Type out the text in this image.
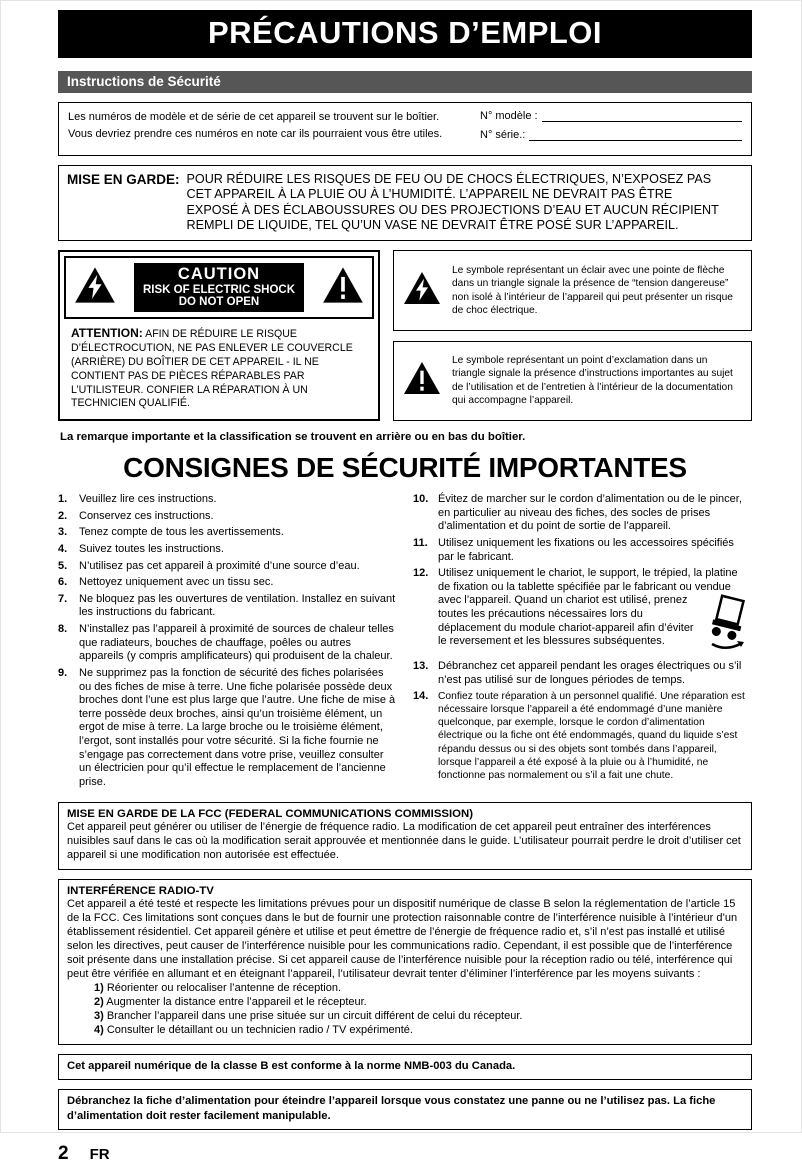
PRÉCAUTIONS D’EMPLOI
Instructions de Sécurité
Les numéros de modèle et de série de cet appareil se trouvent sur le boîtier.
Vous devriez prendre ces numéros en note car ils pourraient vous être utiles.
N° modèle :
N° série.:
MISE EN GARDE: POUR RÉDUIRE LES RISQUES DE FEU OU DE CHOCS ÉLECTRIQUES, N’EXPOSEZ PAS CET APPAREIL À LA PLUIE OU À L’HUMIDITÉ. L’APPAREIL NE DEVRAIT PAS ÊTRE EXPOSÉ À DES ÉCLABOUSSURES OU DES PROJECTIONS D’EAU ET AUCUN RÉCIPIENT REMPLI DE LIQUIDE, TEL QU’UN VASE NE DEVRAIT ÊTRE POSÉ SUR L’APPAREIL.
CAUTION
RISK OF ELECTRIC SHOCK
DO NOT OPEN
ATTENTION: AFIN DE RÉDUIRE LE RISQUE D’ÉLECTROCUTION, NE PAS ENLEVER LE COUVERCLE (ARRIÈRE) DU BOÎTIER DE CET APPAREIL - IL NE CONTIENT PAS DE PIÈCES RÉPARABLES PAR L’UTILISTEUR. CONFIER LA RÉPARATION À UN TECHNICIEN QUALIFIÉ.
Le symbole représentant un éclair avec une pointe de flèche dans un triangle signale la présence de “tension dangereuse” non isolé à l’intérieur de l’appareil qui peut présenter un risque de choc électrique.
Le symbole représentant un point d’exclamation dans un triangle signale la présence d’instructions importantes au sujet de l’utilisation et de l’entretien à l’intérieur de la documentation qui accompagne l’appareil.
La remarque importante et la classification se trouvent en arrière ou en bas du boîtier.
CONSIGNES DE SÉCURITÉ IMPORTANTES
1.	Veuillez lire ces instructions.
2.	Conservez ces instructions.
3.	Tenez compte de tous les avertissements.
4.	Suivez toutes les instructions.
5.	N’utilisez pas cet appareil à proximité d’une source d’eau.
6.	Nettoyez uniquement avec un tissu sec.
7.	Ne bloquez pas les ouvertures de ventilation. Installez en suivant les instructions du fabricant.
8.	N’installez pas l’appareil à proximité de sources de chaleur telles que radiateurs, bouches de chauffage, poêles ou autres appareils (y compris amplificateurs) qui produisent de la chaleur.
9.	Ne supprimez pas la fonction de sécurité des fiches polarisées ou des fiches de mise à terre. Une fiche polarisée possède deux broches dont l’une est plus large que l’autre. Une fiche de mise à terre possède deux broches, ainsi qu’un troisième élément, un ergot de mise à terre. La large broche ou le troisième élément, l’ergot, sont installés pour votre sécurité. Si la fiche fournie ne s’engage pas correctement dans votre prise, veuillez consulter un électricien pour qu’il effectue le remplacement de l’ancienne prise.
10. Évitez de marcher sur le cordon d’alimentation ou de le pincer, en particulier au niveau des fiches, des socles de prises d’alimentation et du point de sortie de l’appareil.
11. Utilisez uniquement les fixations ou les accessoires spécifiés par le fabricant.
12. Utilisez uniquement le chariot, le support, le trépied, la platine de fixation ou la tablette spécifiée par le fabricant ou vendue avec l’appareil. Quand un chariot est utilisé, prenez toutes les précautions nécessaires lors du déplacement du module chariot-appareil afin d’éviter le reversement et les blessures subséquentes.
13. Débranchez cet appareil pendant les orages électriques ou s’il n’est pas utilisé sur de longues périodes de temps.
14. Confiez toute réparation à un personnel qualifié. Une réparation est nécessaire lorsque l’appareil a été endommagé d’une manière quelconque, par exemple, lorsque le cordon d’alimentation électrique ou la fiche ont été endommagés, quand du liquide s’est répandu dessus ou si des objets sont tombés dans l’appareil, lorsque l’appareil a été exposé à la pluie ou à l’humidité, ne fonctionne pas normalement ou s’il a fait une chute.
MISE EN GARDE DE LA FCC (FEDERAL COMMUNICATIONS COMMISSION)
Cet appareil peut générer ou utiliser de l’énergie de fréquence radio. La modification de cet appareil peut entraîner des interférences nuisibles sauf dans le cas où la modification serait approuvée et mentionnée dans le guide. L’utilisateur pourrait perdre le droit d’utiliser cet appareil si une modification non autorisée est effectuée.
INTERFÉRENCE RADIO-TV
Cet appareil a été testé et respecte les limitations prévues pour un dispositif numérique de classe B selon la réglementation de l’article 15 de la FCC. Ces limitations sont conçues dans le but de fournir une protection raisonnable contre de l’interférence nuisible à l’intérieur d’un établissement résidentiel. Cet appareil génère et utilise et peut émettre de l’énergie de fréquence radio et, s’il n’est pas installé et utilisé selon les directives, peut causer de l’interférence nuisible pour les communications radio. Cependant, il est possible que de l’interférence soit présente dans une installation précise. Si cet appareil cause de l’interférence nuisible pour la réception radio ou télé, interférence qui peut être vérifiée en allumant et en éteignant l’appareil, l’utilisateur devrait tenter d’éliminer l’interférence par les moyens suivants :
1) Réorienter ou relocaliser l’antenne de réception.
2) Augmenter la distance entre l’appareil et le récepteur.
3) Brancher l’appareil dans une prise située sur un circuit différent de celui du récepteur.
4) Consulter le détaillant ou un technicien radio / TV expérimenté.
Cet appareil numérique de la classe B est conforme à la norme NMB-003 du Canada.
Débranchez la fiche d’alimentation pour éteindre l’appareil lorsque vous constatez une panne ou ne l’utilisez pas. La fiche d’alimentation doit rester facilement manipulable.
2 FR
